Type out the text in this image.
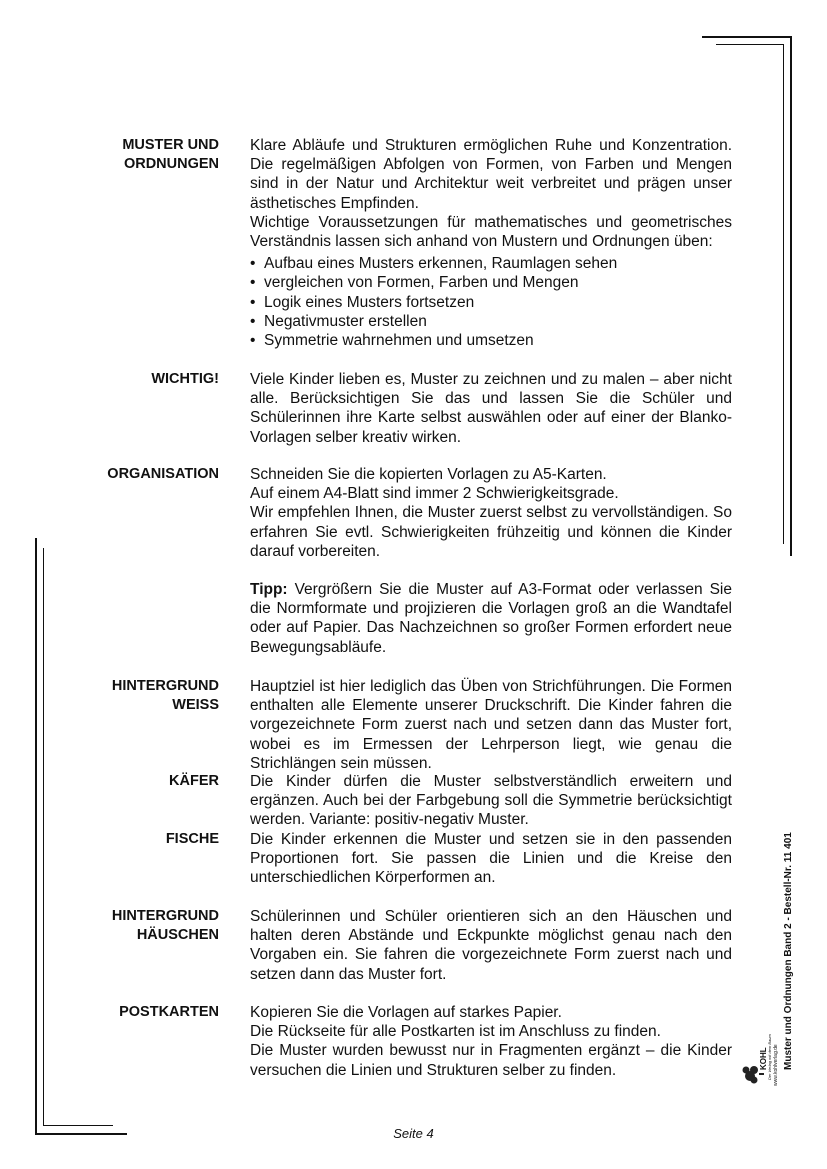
MUSTER UND
ORDNUNGEN

Klare Abläufe und Strukturen ermöglichen Ruhe und Konzentration. Die regelmäßigen Abfolgen von Formen, von Farben und Mengen sind in der Natur und Architektur weit verbreitet und prägen unser ästhetisches Empfinden.

Wichtige Voraussetzungen für mathematisches und geometrisches Verständnis lassen sich anhand von Mustern und Ordnungen üben:

• Aufbau eines Musters erkennen, Raumlagen sehen
• vergleichen von Formen, Farben und Mengen
• Logik eines Musters fortsetzen
• Negativmuster erstellen
• Symmetrie wahrnehmen und umsetzen
WICHTIG! Viele Kinder lieben es, Muster zu zeichnen und zu malen – aber nicht alle. Berücksichtigen Sie das und lassen Sie die Schüler und Schülerinnen ihre Karte selbst auswählen oder auf einer der Blanko-Vorlagen selber kreativ wirken.

ORGANISATION Schneiden Sie die kopierten Vorlagen zu A5-Karten.

Auf einem A4-Blatt sind immer 2 Schwierigkeitsgrade.

Wir empfehlen Ihnen, die Muster zuerst selbst zu vervollständigen. So erfahren Sie evtl. Schwierigkeiten frühzeitig und können die Kinder darauf vorbereiten.

Tipp: Vergrößern Sie die Muster auf A3-Format oder verlassen Sie die Normformate und projizieren die Vorlagen groß an die Wandtafel oder auf Papier. Das Nachzeichnen so großer Formen erfordert neue Bewegungsabläufe.

HINTERGRUND
WEISS

Hauptziel ist hier lediglich das Üben von Strichführungen. Die Formen enthalten alle Elemente unserer Druckschrift. Die Kinder fahren die vorgezeichnete Form zuerst nach und setzen dann das Muster fort, wobei es im Ermessen der Lehrperson liegt, wie genau die Strichlängen sein müssen.

KÄFER Die Kinder dürfen die Muster selbstverständlich erweitern und ergänzen. Auch bei der Farbgebung soll die Symmetrie berücksichtigt werden. Variante: positiv-negativ Muster.

FISCHE Die Kinder erkennen die Muster und setzen sie in den passenden Proportionen fort. Sie passen die Linien und die Kreise den unterschiedlichen Körperformen an.

HINTERGRUND
HÄUSCHEN

Schülerinnen und Schüler orientieren sich an den Häuschen und halten deren Abstände und Eckpunkte möglichst genau nach den Vorgaben ein. Sie fahren die vorgezeichnete Form zuerst nach und setzen dann das Muster fort.

POSTKARTEN Kopieren Sie die Vorlagen auf starkes Papier.

Die Rückseite für alle Postkarten ist im Anschluss zu finden.

Die Muster wurden bewusst nur in Fragmenten ergänzt – die Kinder versuchen die Linien und Strukturen selber zu finden.

Seite 4
Muster und Ordnungen Band 2 - Bestell-Nr. 11 401
KOHL Der Verlag mit dem Baum www.kohlverlag.de
